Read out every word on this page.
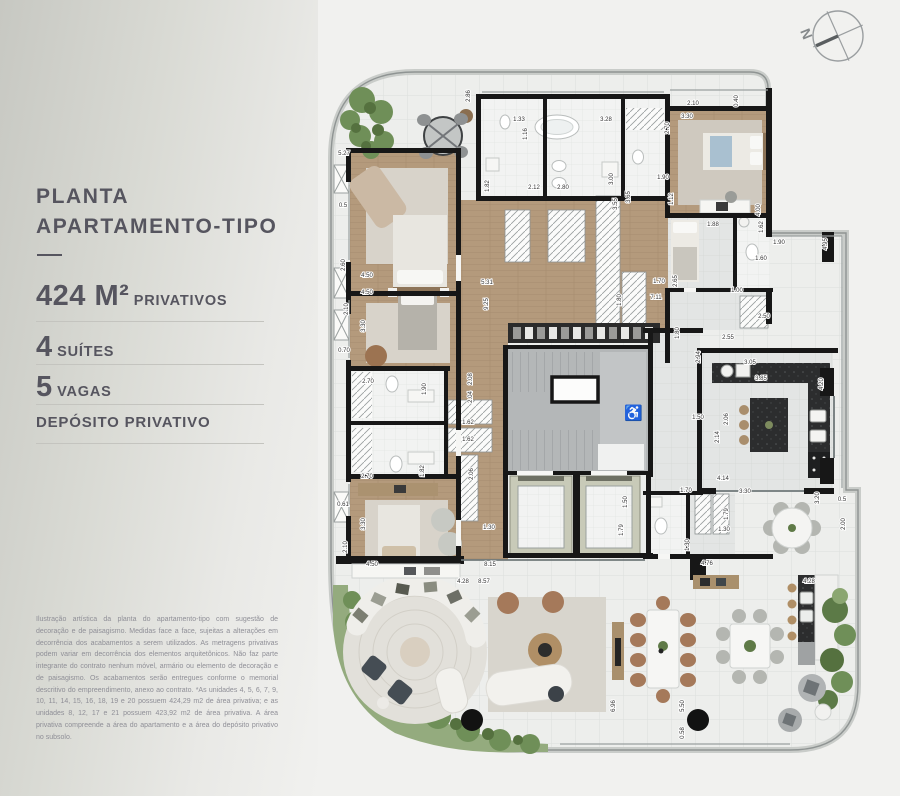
PLANTA
APARTAMENTO-TIPO
424 M² PRIVATIVOS
4 SUÍTES
5 VAGAS
DEPÓSITO PRIVATIVO

Ilustração artística da planta do apartamento-tipo com sugestão de decoração e de paisagismo. Medidas face a face, sujeitas a alterações em decorrência dos acabamentos a serem utilizados. As metragens privativas podem variar em decorrência dos elementos arquitetônicos. Não faz parte integrante do contrato nenhum móvel, armário ou elemento de decoração e de paisagismo. Os acabamentos serão entregues conforme o memorial descritivo do empreendimento, anexo ao contrato. *As unidades 4, 5, 6, 7, 9, 10, 11, 14, 15, 16, 18, 19 e 20 possuem 424,29 m2 de área privativa; e as unidades 8, 12, 17 e 21 possuem 423,92 m2 de área privativa. A área privativa compreende a área do apartamento e a área do depósito privativo no subsolo.

♿
N
5.27
2.86
0.5
1.33
1.16
1.82	2.12	2.80
3.28
3.00
3.55
3.65
1.90
2.70
2.10	0.40
3.30
1.12
4.00
1.88	1.62
1.90	4.95
1.60
2.65
1.70
7.11
1.80
1.00
2.50
2.55
1.80
2.94
3.05
3.85	4.20
2.06
2.14
1.50
4.14
1.70	3.30
3.20	0.5
2.00
1.79
1.30
1.50
1.79
1.30
4.76
4.28
2.60
4.50
5.31
9.25
4.50
2.10
3.30
0.70
2.70
1.90
2.08
2.04
1.62
1.62
2.70
1.82
0.61
3.30
2.10
2.06
4.50
1.30
8.15
4.28 8.57
6.96	5.50
0.58
